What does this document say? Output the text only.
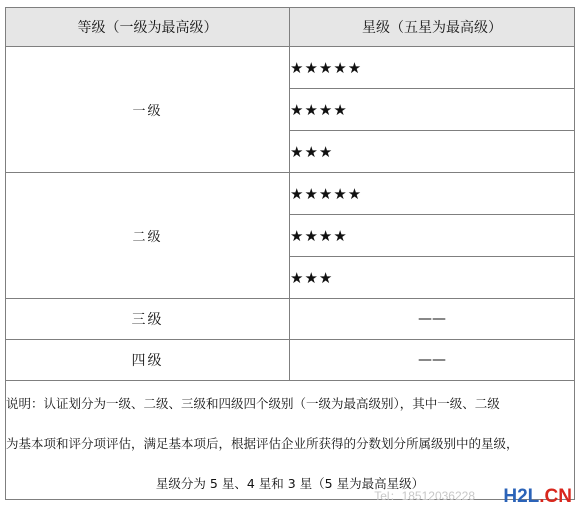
等级（一级为最高级）	星级（五星为最高级）
一级	★★★★★
	★★★★
	★★★
二级	★★★★★
	★★★★
	★★★
三级	——
四级	——

说明：认证划分为一级、二级、三级和四级四个级别（一级为最高级别），其中一级、二级

为基本项和评分项评估，满足基本项后，根据评估企业所获得的分数划分所属级别中的星级，

星级分为 5 星、4 星和 3 星（5 星为最高星级）	

Tel：18512036228 H2L.CN
